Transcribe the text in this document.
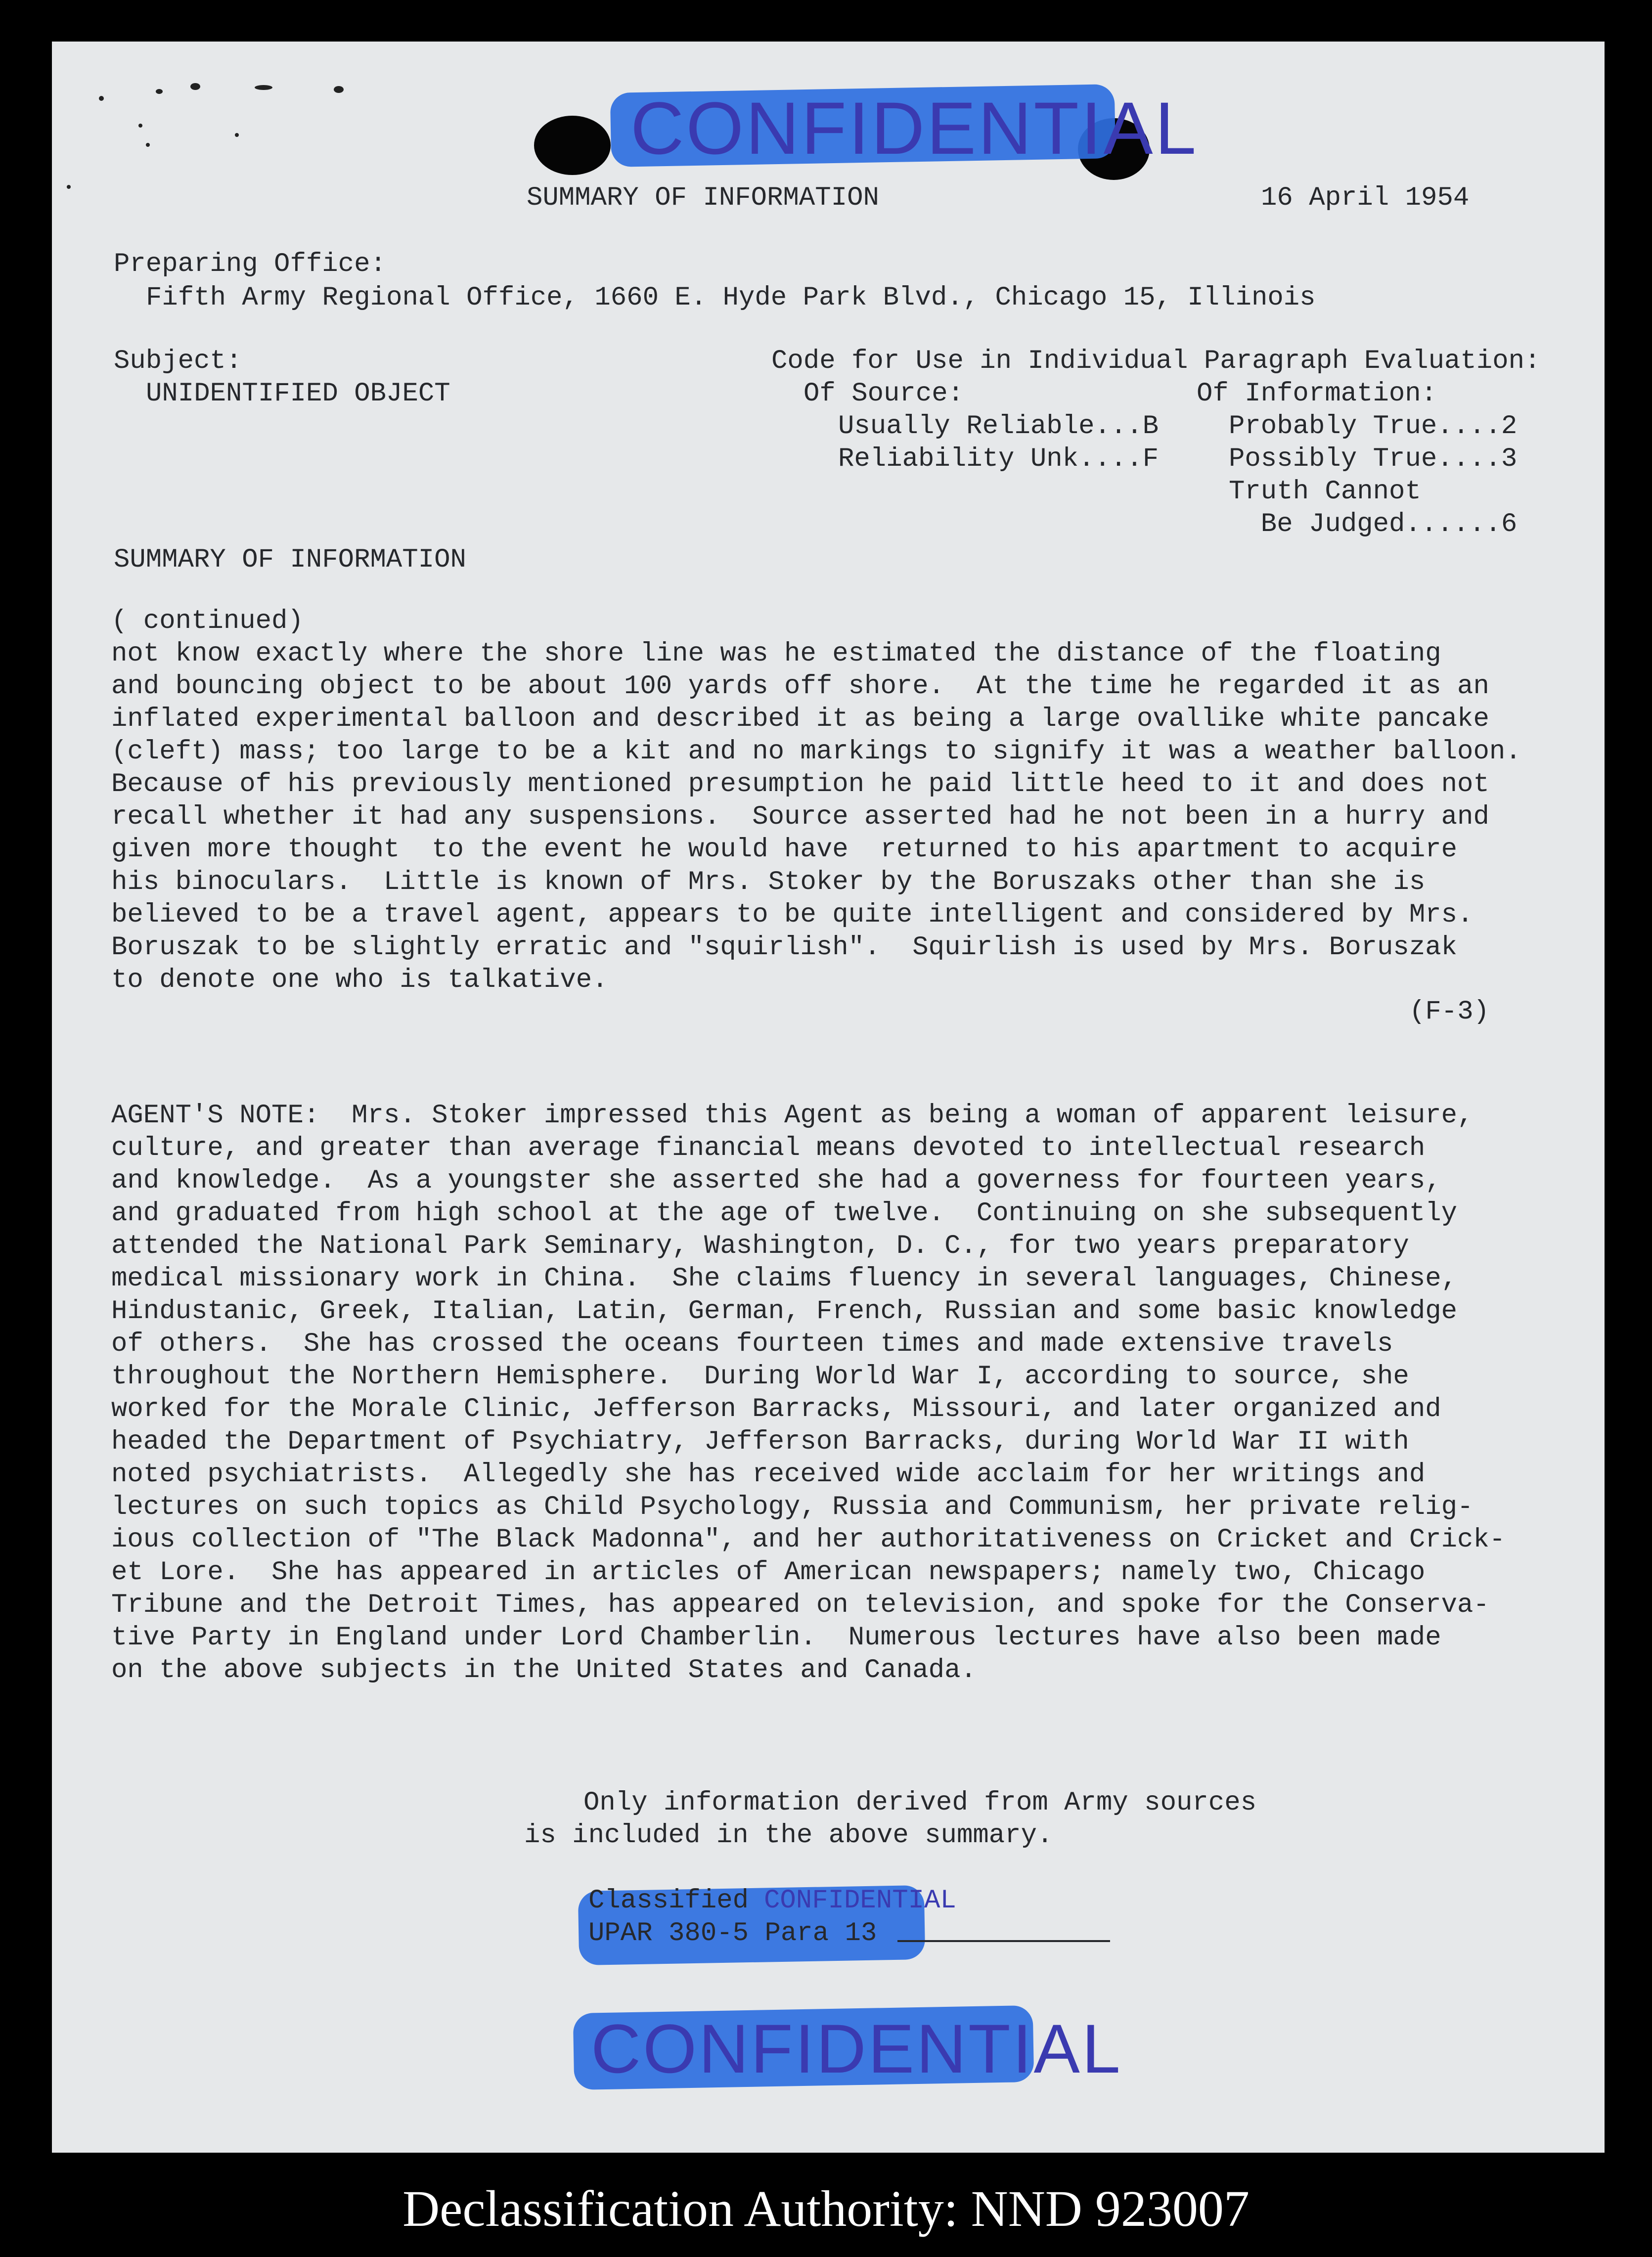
CONFIDENTIAL
SUMMARY OF INFORMATION	16 April 1954
Preparing Office:
Fifth Army Regional Office, 1660 E. Hyde Park Blvd., Chicago 15, Illinois
Subject:
UNIDENTIFIED OBJECT
Code for Use in Individual Paragraph Evaluation:
Of Source:
Usually Reliable...B
Reliability Unk....F
Of Information:
Probably True....2
Possibly True....3
Truth Cannot
Be Judged......6
SUMMARY OF INFORMATION
( continued)
not know exactly where the shore line was he estimated the distance of the floating
and bouncing object to be about 100 yards off shore.  At the time he regarded it as an
inflated experimental balloon and described it as being a large ovallike white pancake
(cleft) mass; too large to be a kit and no markings to signify it was a weather balloon.
Because of his previously mentioned presumption he paid little heed to it and does not
recall whether it had any suspensions.  Source asserted had he not been in a hurry and
given more thought  to the event he would have  returned to his apartment to acquire
his binoculars.  Little is known of Mrs. Stoker by the Boruszaks other than she is
believed to be a travel agent, appears to be quite intelligent and considered by Mrs.
Boruszak to be slightly erratic and "squirlish".  Squirlish is used by Mrs. Boruszak
to denote one who is talkative.
(F-3)
AGENT'S NOTE:  Mrs. Stoker impressed this Agent as being a woman of apparent leisure,
culture, and greater than average financial means devoted to intellectual research
and knowledge.  As a youngster she asserted she had a governess for fourteen years,
and graduated from high school at the age of twelve.  Continuing on she subsequently
attended the National Park Seminary, Washington, D. C., for two years preparatory
medical missionary work in China.  She claims fluency in several languages, Chinese,
Hindustanic, Greek, Italian, Latin, German, French, Russian and some basic knowledge
of others.  She has crossed the oceans fourteen times and made extensive travels
throughout the Northern Hemisphere.  During World War I, according to source, she
worked for the Morale Clinic, Jefferson Barracks, Missouri, and later organized and
headed the Department of Psychiatry, Jefferson Barracks, during World War II with
noted psychiatrists.  Allegedly she has received wide acclaim for her writings and
lectures on such topics as Child Psychology, Russia and Communism, her private relig-
ious collection of "The Black Madonna", and her authoritativeness on Cricket and Crick-
et Lore.  She has appeared in articles of American newspapers; namely two, Chicago
Tribune and the Detroit Times, has appeared on television, and spoke for the Conserva-
tive Party in England under Lord Chamberlin.  Numerous lectures have also been made
on the above subjects in the United States and Canada.
Only information derived from Army sources
is included in the above summary.
Classified CONFIDENTIAL
UPAR 380-5 Para 13
CONFIDENTIAL
Declassification Authority: NND 923007
